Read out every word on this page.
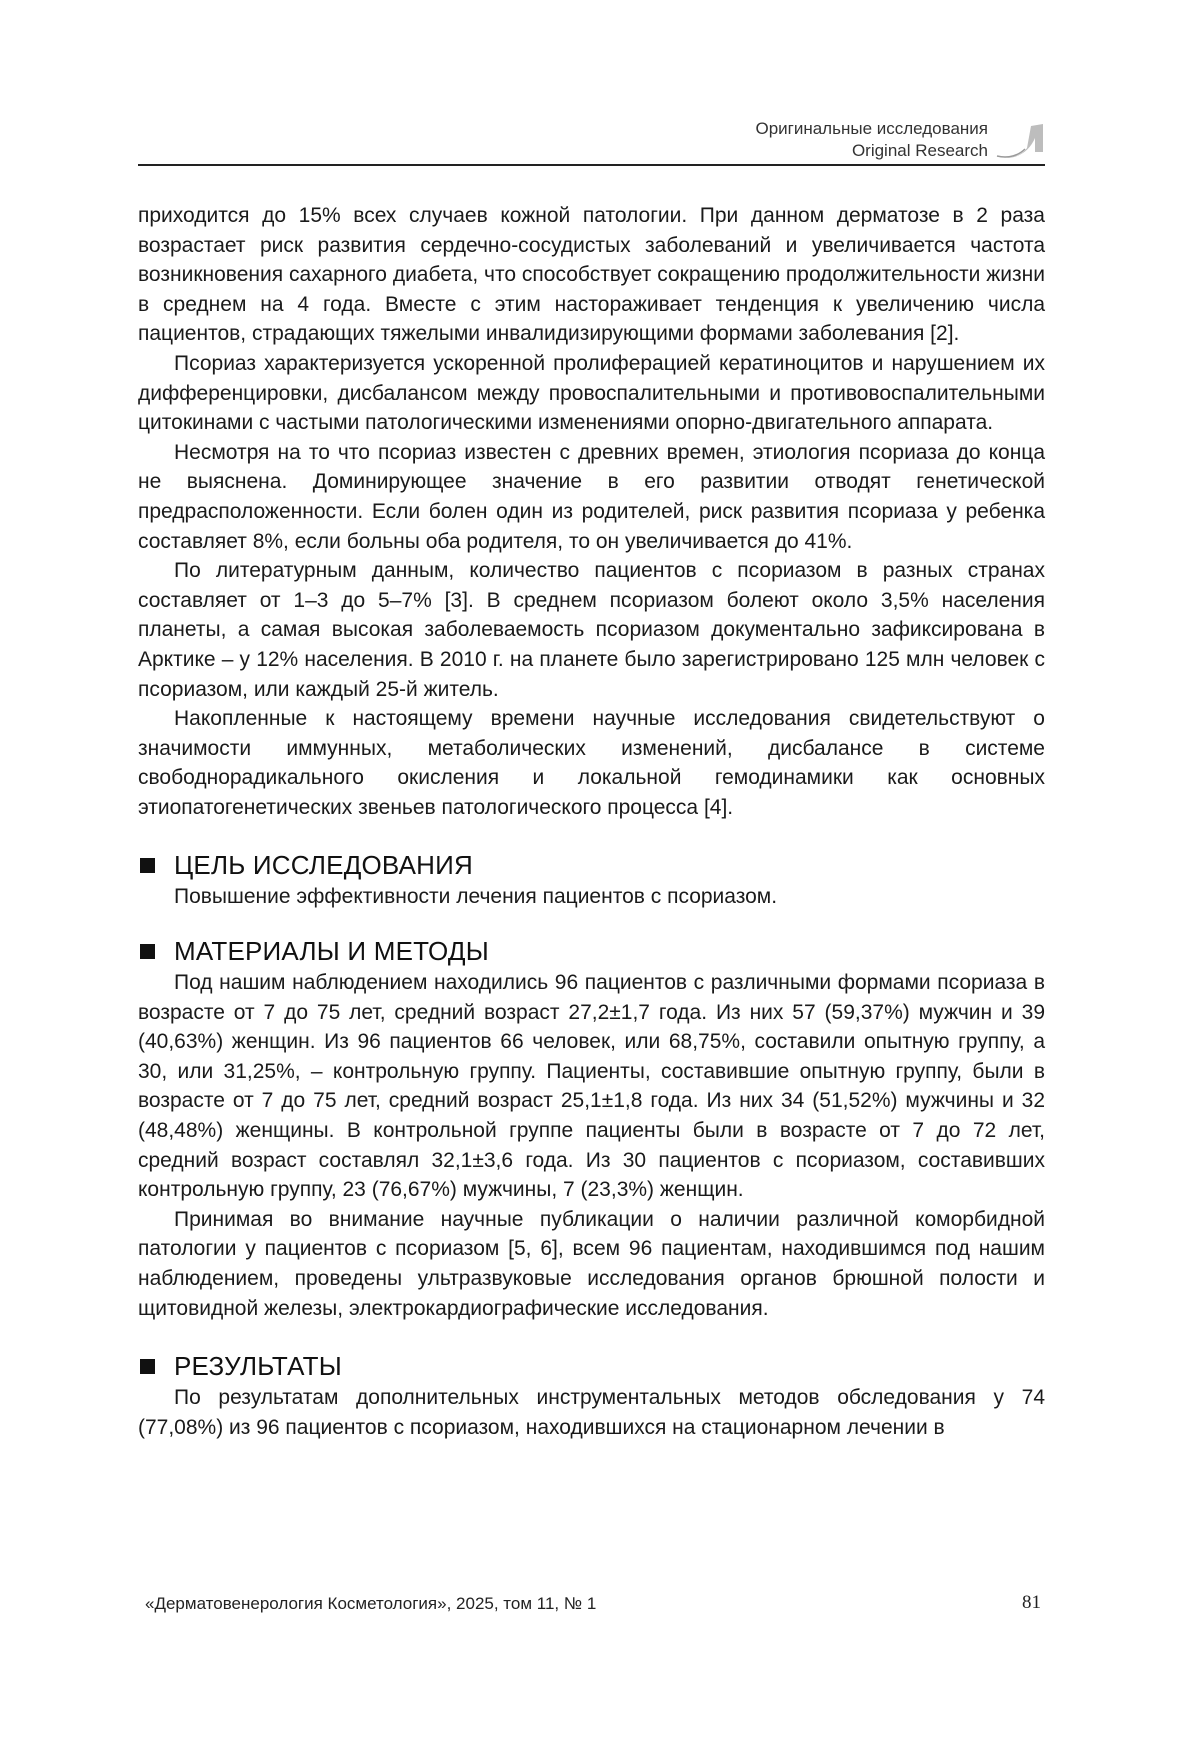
Оригинальные исследования
Original Research

приходится до 15% всех случаев кожной патологии. При данном дерматозе в 2 раза возрастает риск развития сердечно-сосудистых заболеваний и увеличивается частота возникновения сахарного диабета, что способствует сокращению продолжительности жизни в среднем на 4 года. Вместе с этим настораживает тенденция к увеличению числа пациентов, страдающих тяжелыми инвалидизирующими формами заболевания [2].

Псориаз характеризуется ускоренной пролиферацией кератиноцитов и нарушением их дифференцировки, дисбалансом между провоспалительными и противовоспалительными цитокинами с частыми патологическими изменениями опорно-двигательного аппарата.

Несмотря на то что псориаз известен с древних времен, этиология псориаза до конца не выяснена. Доминирующее значение в его развитии отводят генетической предрасположенности. Если болен один из родителей, риск развития псориаза у ребенка составляет 8%, если больны оба родителя, то он увеличивается до 41%.

По литературным данным, количество пациентов с псориазом в разных странах составляет от 1–3 до 5–7% [3]. В среднем псориазом болеют около 3,5% населения планеты, а самая высокая заболеваемость псориазом документально зафиксирована в Арктике – у 12% населения. В 2010 г. на планете было зарегистрировано 125 млн человек с псориазом, или каждый 25-й житель.

Накопленные к настоящему времени научные исследования свидетельствуют о значимости иммунных, метаболических изменений, дисбалансе в системе свободнорадикального окисления и локальной гемодинамики как основных этиопатогенетических звеньев патологического процесса [4].

ЦЕЛЬ ИССЛЕДОВАНИЯ

Повышение эффективности лечения пациентов с псориазом.

МАТЕРИАЛЫ И МЕТОДЫ

Под нашим наблюдением находились 96 пациентов с различными формами псориаза в возрасте от 7 до 75 лет, средний возраст 27,2±1,7 года. Из них 57 (59,37%) мужчин и 39 (40,63%) женщин. Из 96 пациентов 66 человек, или 68,75%, составили опытную группу, а 30, или 31,25%, – контрольную группу. Пациенты, составившие опытную группу, были в возрасте от 7 до 75 лет, средний возраст 25,1±1,8 года. Из них 34 (51,52%) мужчины и 32 (48,48%) женщины. В контрольной группе пациенты были в возрасте от 7 до 72 лет, средний возраст составлял 32,1±3,6 года. Из 30 пациентов с псориазом, составивших контрольную группу, 23 (76,67%) мужчины, 7 (23,3%) женщин.

Принимая во внимание научные публикации о наличии различной коморбидной патологии у пациентов с псориазом [5, 6], всем 96 пациентам, находившимся под нашим наблюдением, проведены ультразвуковые исследования органов брюшной полости и щитовидной железы, электрокардиографические исследования.

РЕЗУЛЬТАТЫ

По результатам дополнительных инструментальных методов обследования у 74 (77,08%) из 96 пациентов с псориазом, находившихся на стационарном лечении в

«Дерматовенерология Косметология», 2025, том 11, № 1	81
